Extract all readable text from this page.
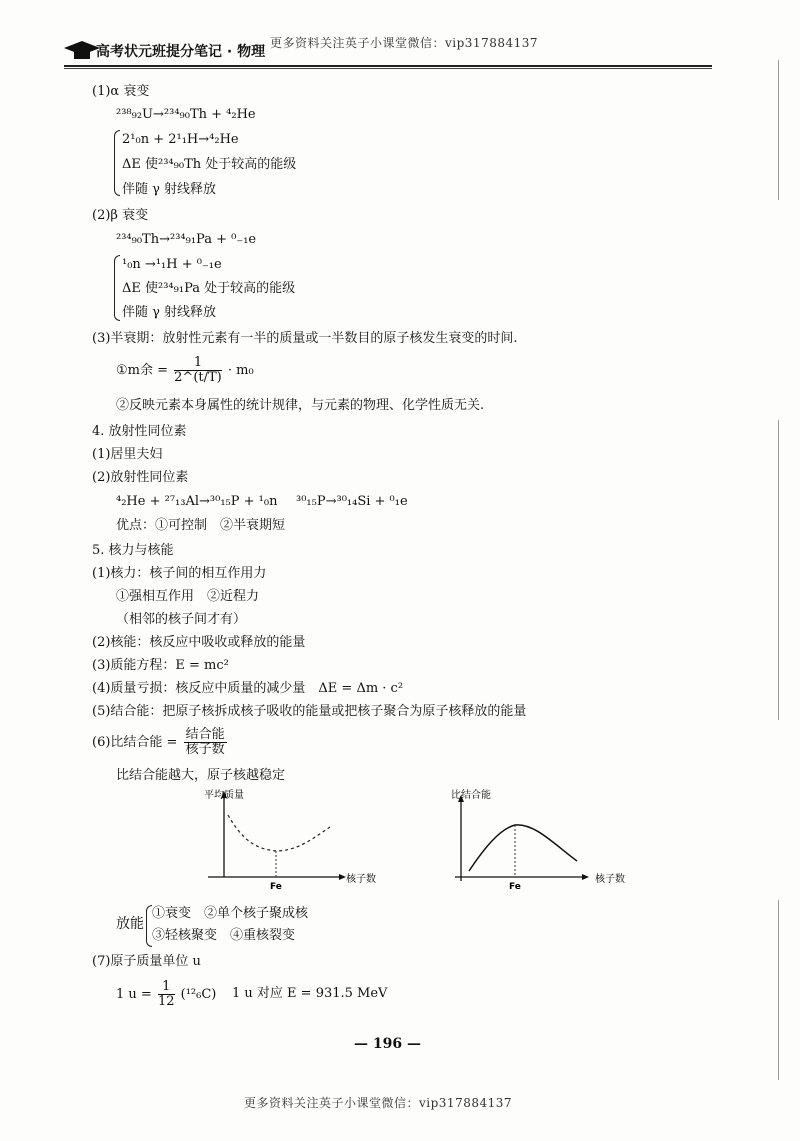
高考状元班提分笔记 · 物理
更多资料关注英子小课堂微信：vip317884137
(1)α 衰变
²³⁸₉₂U→²³⁴₉₀Th + ⁴₂He
2¹₀n + 2¹₁H→⁴₂He
ΔE 使²³⁴₉₀Th 处于较高的能级
伴随 γ 射线释放
(2)β 衰变
²³⁴₉₀Th→²³⁴₉₁Pa + ⁰₋₁e
¹₀n →¹₁H + ⁰₋₁e
ΔE 使²³⁴₉₁Pa 处于较高的能级
伴随 γ 射线释放
(3)半衰期：放射性元素有一半的质量或一半数目的原子核发生衰变的时间.
①m余 = $\frac{1}{2\^{}(t/T)} \cdot m_0$
②反映元素本身属性的统计规律，与元素的物理、化学性质无关.
4. 放射性同位素
(1)居里夫妇
(2)放射性同位素
⁴₂He + ²⁷₁₃Al→³⁰₁₅P + ¹₀n ³⁰₁₅P→³⁰₁₄Si + ⁰₁e
优点：①可控制　②半衰期短
5. 核力与核能
(1)核力：核子间的相互作用力
①强相互作用　②近程力
（相邻的核子间才有）
(2)核能：核反应中吸收或释放的能量
(3)质能方程：E = mc²
(4)质量亏损：核反应中质量的减少量　ΔE = Δm · c²
(5)结合能：把原子核拆成核子吸收的能量或把核子聚合为原子核释放的能量
(6)比结合能 = $\frac{\text{结合能}}{\text{核子数}}$
比结合能越大，原子核越稳定
平均质量
Fe
核子数
比结合能
Fe
核子数
放能
①衰变　②单个核子聚成核
③轻核聚变　④重核裂变
(7)原子质量单位 u
1 $u = \frac{1}{12} (^{12}_6C)$ 1 u 对应 E = 931.5 MeV
— 196 —
更多资料关注英子小课堂微信：vip317884137
